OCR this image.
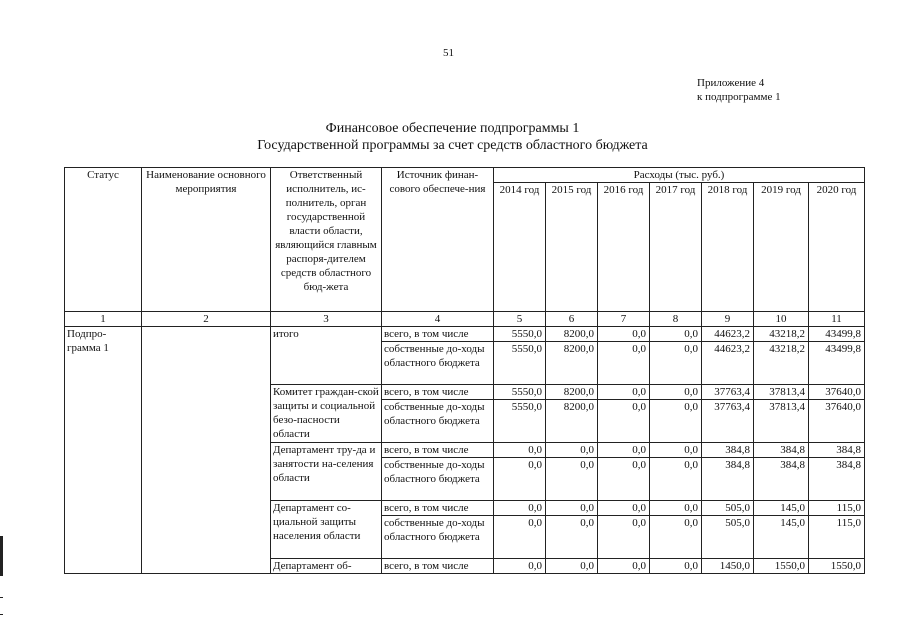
51
Приложение 4
к подпрограмме 1
Финансовое обеспечение подпрограммы 1
Государственной программы за счет средств областного бюджета
Статус	Наименование основного мероприятия	Ответственный исполнитель, ис-полнитель, орган государственной власти области, являющийся главным распоря-дителем средств областного бюд-жета	Источник финан-сового обеспече-ния	Расходы (тыс. руб.)						
				2014 год	2015 год	2016 год	2017 год	2018 год	2019 год	2020 год
1	2	3	4	5	6	7	8	9	10	11
Подпро-грамма 1		итого	всего, в том числе	5550,0	8200,0	0,0	0,0	44623,2	43218,2	43499,8
			собственные до-ходы областного бюджета	5550,0	8200,0	0,0	0,0	44623,2	43218,2	43499,8
		Комитет граждан-ской защиты и социальной безо-пасности области	всего, в том числе	5550,0	8200,0	0,0	0,0	37763,4	37813,4	37640,0
			собственные до-ходы областного бюджета	5550,0	8200,0	0,0	0,0	37763,4	37813,4	37640,0
		Департамент тру-да и занятости на-селения области	всего, в том числе	0,0	0,0	0,0	0,0	384,8	384,8	384,8
			собственные до-ходы областного бюджета	0,0	0,0	0,0	0,0	384,8	384,8	384,8
		Департамент со-циальной защиты населения области	всего, в том числе	0,0	0,0	0,0	0,0	505,0	145,0	115,0
			собственные до-ходы областного бюджета	0,0	0,0	0,0	0,0	505,0	145,0	115,0
		Департамент об-	всего, в том числе	0,0	0,0	0,0	0,0	1450,0	1550,0	1550,0
